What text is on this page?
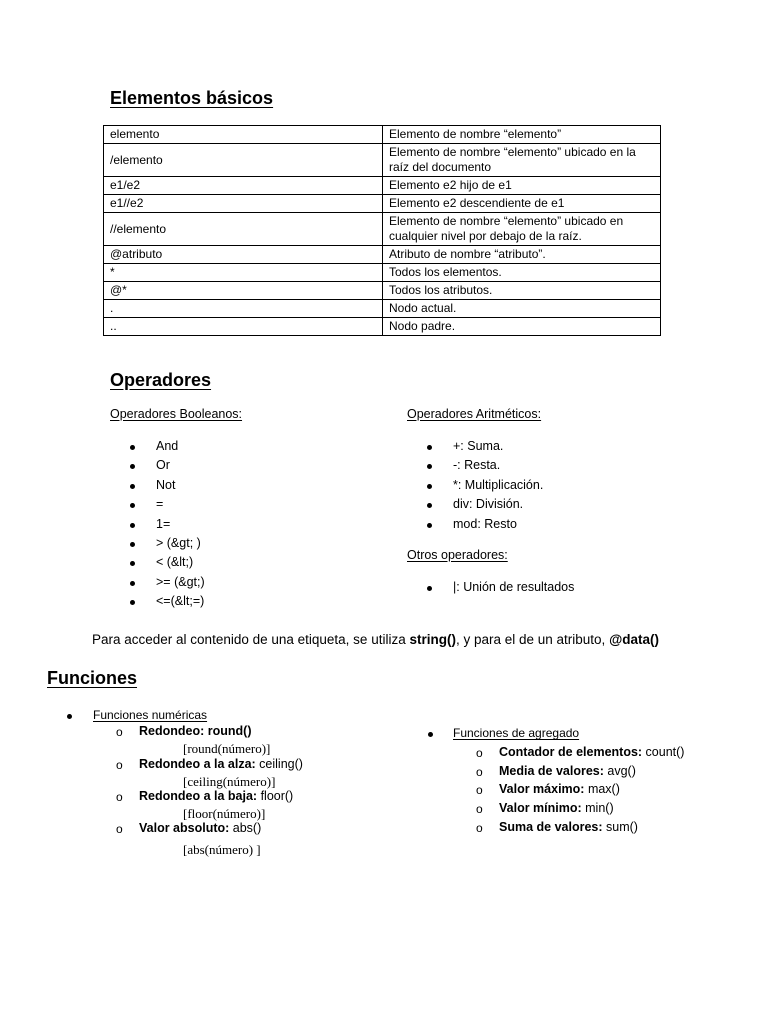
Elementos básicos
elemento	Elemento de nombre “elemento”
/elemento	Elemento de nombre “elemento” ubicado en la raíz del documento
e1/e2	Elemento e2 hijo de e1
e1//e2	Elemento e2 descendiente de e1
//elemento	Elemento de nombre “elemento” ubicado en cualquier nivel por debajo de la raíz.
@atributo	Atributo de nombre “atributo”.
*	Todos los elementos.
@*	Todos los atributos.
.	Nodo actual.
..	Nodo padre.
Operadores
Operadores Booleanos:
And
Or
Not
=
1=
> (&gt; )
< (&lt;)
>= (&gt;)
<=(&lt;=)
Operadores Aritméticos:
+: Suma.
-: Resta.
*: Multiplicación.
div: División.
mod: Resto
Otros operadores:
|: Unión de resultados
Para acceder al contenido de una etiqueta, se utiliza string(), y para el de un atributo, @data()
Funciones
Funciones numéricas
o Redondeo: round()
[round(número)]
o Redondeo a la alza: ceiling()
[ceiling(número)]
o Redondeo a la baja: floor()
[floor(número)]
o Valor absoluto: abs()
[abs(número) ]
Funciones de agregado
o Contador de elementos: count()
o Media de valores: avg()
o Valor máximo: max()
o Valor mínimo: min()
o Suma de valores: sum()
